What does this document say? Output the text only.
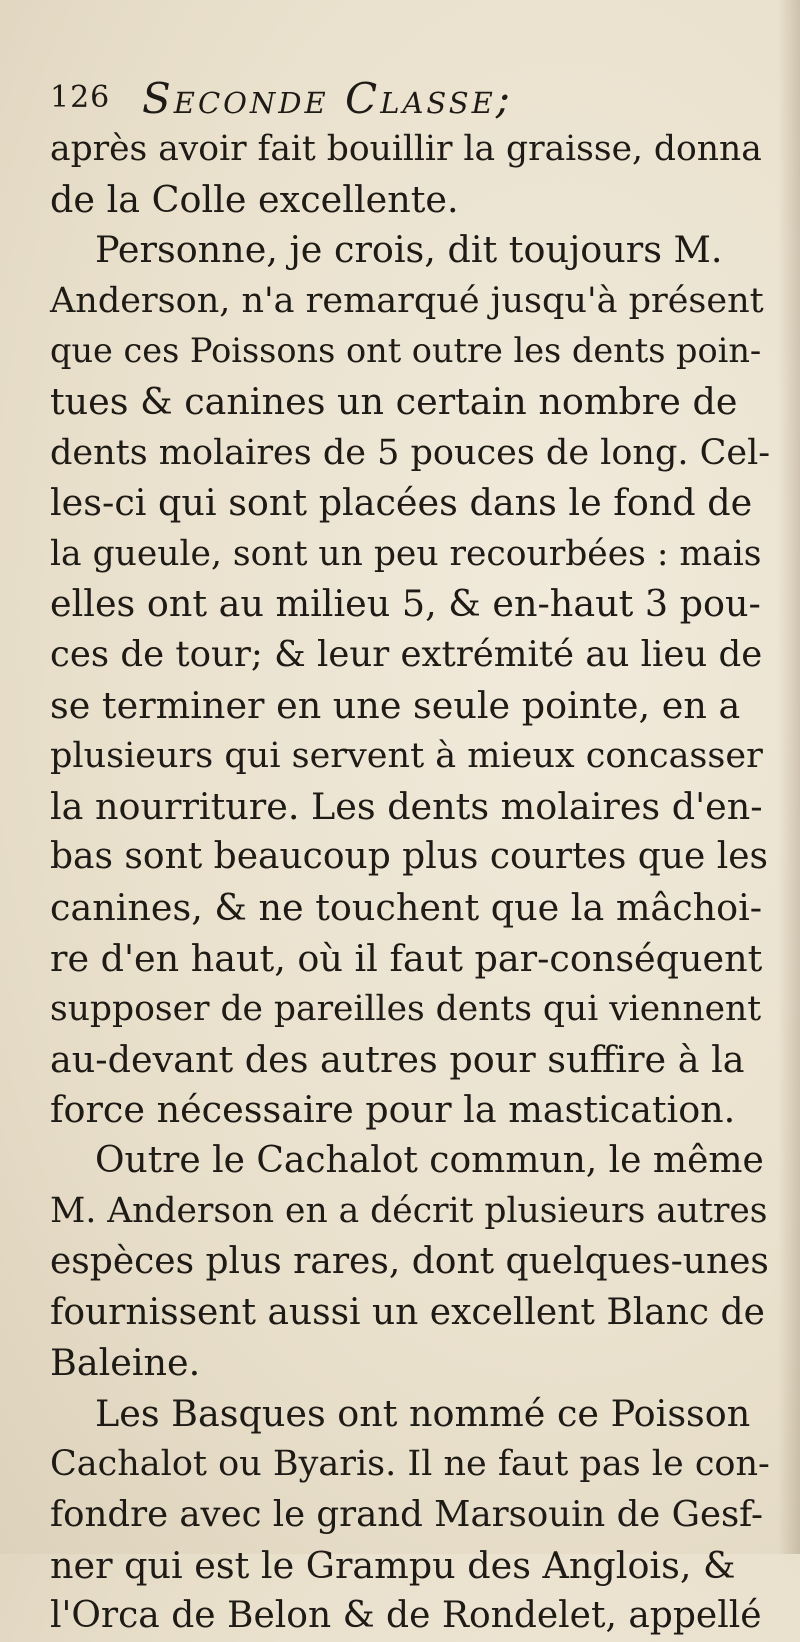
126 Seconde Classe;
après avoir fait bouillir la graisse, donna
de la Colle excellente.
Personne, je crois, dit toujours M.
Anderson, n'a remarqué jusqu'à présent
que ces Poissons ont outre les dents poin-
tues & canines un certain nombre de
dents molaires de 5 pouces de long. Cel-
les-ci qui sont placées dans le fond de
la gueule, sont un peu recourbées : mais
elles ont au milieu 5, & en-haut 3 pou-
ces de tour; & leur extrémité au lieu de
se terminer en une seule pointe, en a
plusieurs qui servent à mieux concasser
la nourriture. Les dents molaires d'en-
bas sont beaucoup plus courtes que les
canines, & ne touchent que la mâchoi-
re d'en haut, où il faut par-conséquent
supposer de pareilles dents qui viennent
au-devant des autres pour suffire à la
force nécessaire pour la mastication.
Outre le Cachalot commun, le même
M. Anderson en a décrit plusieurs autres
espèces plus rares, dont quelques-unes
fournissent aussi un excellent Blanc de
Baleine.
Les Basques ont nommé ce Poisson
Cachalot ou Byaris. Il ne faut pas le con-
fondre avec le grand Marsouin de Gesf-
ner qui est le Grampu des Anglois, &
l'Orca de Belon & de Rondelet, appellé
